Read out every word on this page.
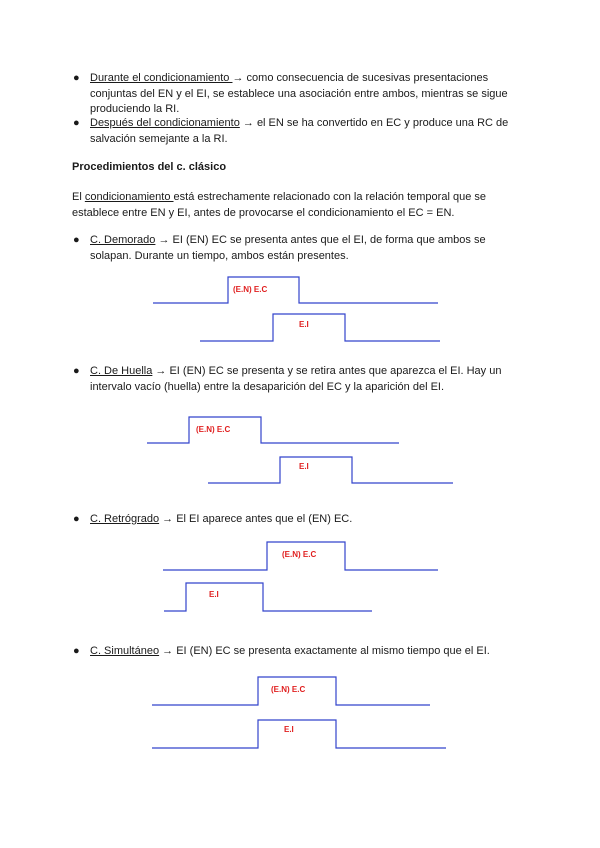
● Durante el condicionamiento → como consecuencia de sucesivas presentaciones conjuntas del EN y el EI, se establece una asociación entre ambos, mientras se sigue produciendo la RI.
● Después del condicionamiento → el EN se ha convertido en EC y produce una RC de salvación semejante a la RI.
Procedimientos del c. clásico
El condicionamiento está estrechamente relacionado con la relación temporal que se establece entre EN y EI, antes de provocarse el condicionamiento el EC = EN.
● C. Demorado → EI (EN) EC se presenta antes que el EI, de forma que ambos se solapan. Durante un tiempo, ambos están presentes.
● C. De Huella → EI (EN) EC se presenta y se retira antes que aparezca el EI. Hay un intervalo vacío (huella) entre la desaparición del EC y la aparición del EI.
● C. Retrógrado → El EI aparece antes que el (EN) EC.
● C. Simultáneo → EI (EN) EC se presenta exactamente al mismo tiempo que el EI.
(E.N) E.C
E.I
(E.N) E.C
E.I
(E.N) E.C
E.I
(E.N) E.C
E.I
